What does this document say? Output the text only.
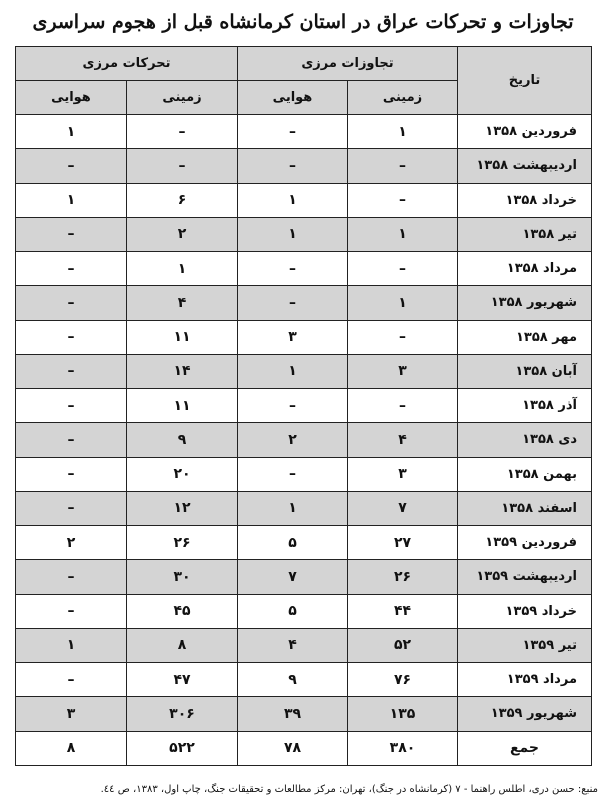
تجاوزات و تحرکات عراق در استان کرمانشاه قبل از هجوم سراسری
تاریخ	تجاوزات مرزی		تحرکات مرزی	
	زمینی	هوایی	زمینی	هوایی
فروردین ۱۳۵۸	۱	–	–	۱
اردیبهشت ۱۳۵۸	–	–	–	–
خرداد ۱۳۵۸	–	۱	۶	۱
تیر ۱۳۵۸	۱	۱	۲	–
مرداد ۱۳۵۸	–	–	۱	–
شهریور ۱۳۵۸	۱	–	۴	–
مهر ۱۳۵۸	–	۳	۱۱	–
آبان ۱۳۵۸	۳	۱	۱۴	–
آذر ۱۳۵۸	–	–	۱۱	–
دی ۱۳۵۸	۴	۲	۹	–
بهمن ۱۳۵۸	۳	–	۲۰	–
اسفند ۱۳۵۸	۷	۱	۱۲	–
فروردین ۱۳۵۹	۲۷	۵	۲۶	۲
اردیبهشت ۱۳۵۹	۲۶	۷	۳۰	–
خرداد ۱۳۵۹	۴۴	۵	۴۵	–
تیر ۱۳۵۹	۵۲	۴	۸	۱
مرداد ۱۳۵۹	۷۶	۹	۴۷	–
شهریور ۱۳۵۹	۱۳۵	۳۹	۳۰۶	۳
جمع	۳۸۰	۷۸	۵۲۲	۸
منبع: حسن دری، اطلس راهنما - ۷ (کرمانشاه در جنگ)، تهران: مرکز مطالعات و تحقیقات جنگ، چاپ اول، ۱۳۸۳، ص ٤٤.
